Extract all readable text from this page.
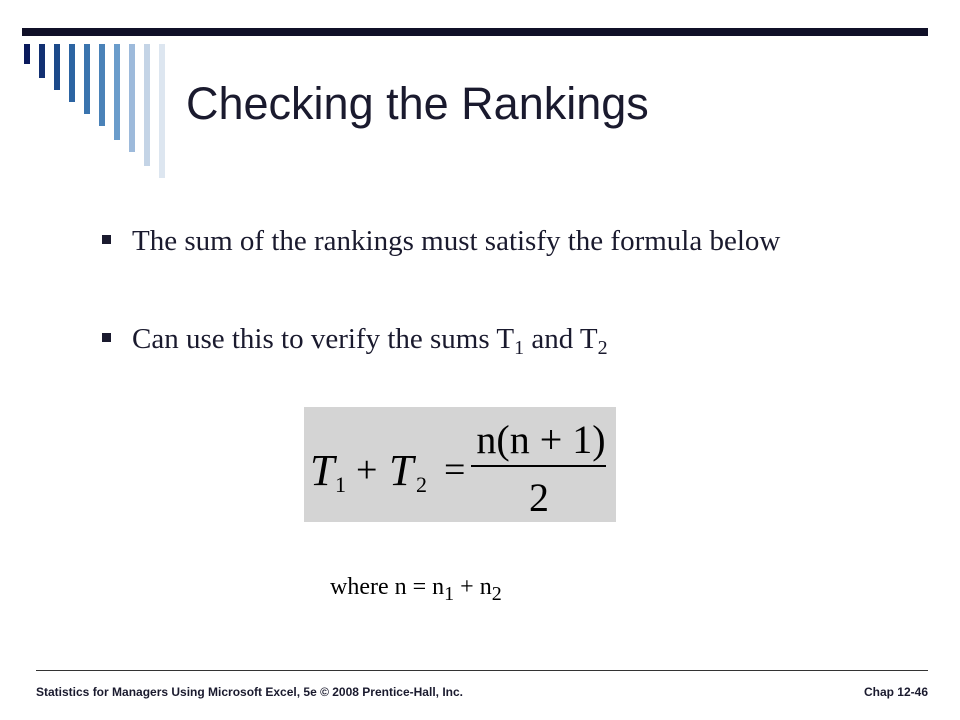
Checking the Rankings
The sum of the rankings must satisfy the formula below
Can use this to verify the sums $T_1$ and $T_2$
T 1 + T 2 =
n(n + 1)
2
where $n = n_1 + n_2$
Statistics for Managers Using Microsoft Excel, 5e © 2008 Prentice-Hall, Inc.	Chap 12-46
